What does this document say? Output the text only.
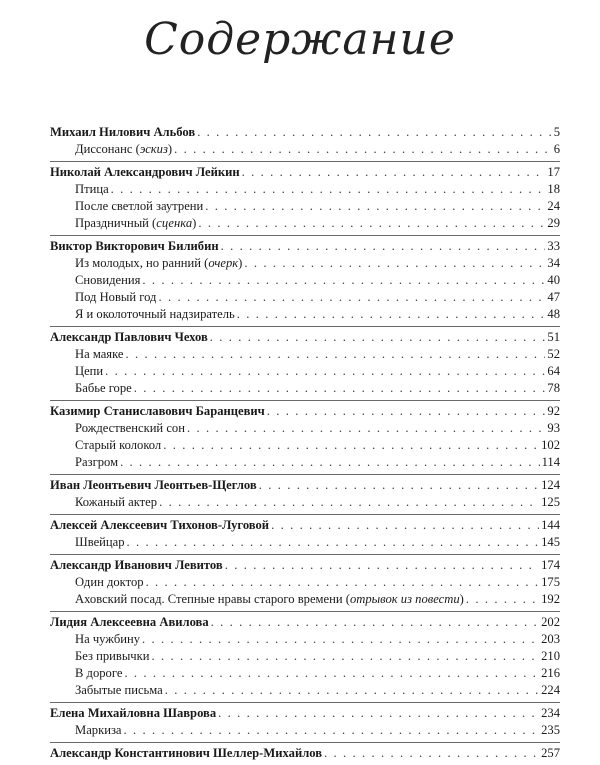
Содержание
Михаил Нилович Альбов . . .	5
Диссонанс (эскиз) . . .	6
Николай Александрович Лейкин . . .	17
Птица . . .	18
После светлой заутрени . . .	24
Праздничный (сценка) . . .	29
Виктор Викторович Билибин . . .	33
Из молодых, но ранний (очерк) . . .	34
Сновидения . . .	40
Под Новый год . . .	47
Я и околоточный надзиратель . . .	48
Александр Павлович Чехов . . .	51
На маяке . . .	52
Цепи . . .	64
Бабье горе . . .	78
Казимир Станиславович Баранцевич . . .	92
Рождественский сон . . .	93
Старый колокол . . .	102
Разгром . . .	114
Иван Леонтьевич Леонтьев-Щеглов . . .	124
Кожаный актер . . .	125
Алексей Алексеевич Тихонов-Луговой . . .	144
Швейцар . . .	145
Александр Иванович Левитов . . .	174
Один доктор . . .	175
Аховский посад. Степные нравы старого времени (отрывок из повести) . . .	192
Лидия Алексеевна Авилова . . .	202
На чужбину . . .	203
Без привычки . . .	210
В дороге . . .	216
Забытые письма . . .	224
Елена Михайловна Шаврова . . .	234
Маркиза . . .	235
Александр Константинович Шеллер-Михайлов . . .	257
